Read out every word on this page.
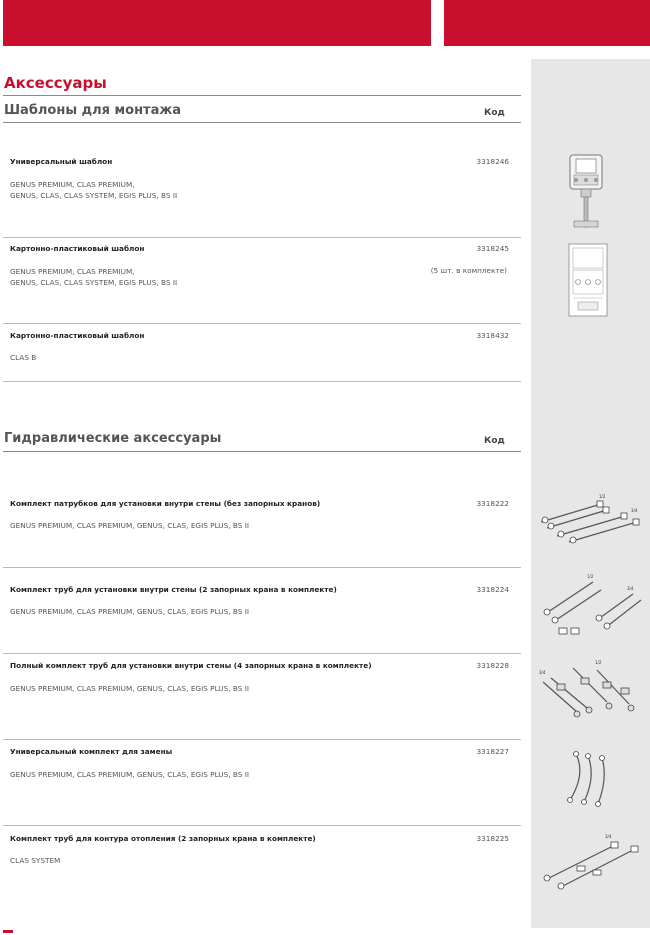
Аксессуары
Шаблоны для монтажа	Код
Универсальный шаблон	3318246
GENUS PREMIUM, CLAS PREMIUM,
GENUS, CLAS, CLAS SYSTEM, EGIS PLUS, BS II
Картонно-пластиковый шаблон	3318245
(5 шт. в комплекте)
GENUS PREMIUM, CLAS PREMIUM,
GENUS, CLAS, CLAS SYSTEM, EGIS PLUS, BS II
Картонно-пластиковый шаблон	3318432
CLAS B
Гидравлические аксессуары	Код
Комплект патрубков для установки внутри стены (без запорных кранов)	3318222
GENUS PREMIUM, CLAS PREMIUM, GENUS, CLAS, EGIS PLUS, BS II
Комплект труб для установки внутри стены (2 запорных крана в комплекте)	3318224
GENUS PREMIUM, CLAS PREMIUM, GENUS, CLAS, EGIS PLUS, BS II
Полный комплект труб для установки внутри стены (4 запорных крана в комплекте)	3318228
GENUS PREMIUM, CLAS PREMIUM, GENUS, CLAS, EGIS PLUS, BS II
Универсальный комплект для замены	3318227
GENUS PREMIUM, CLAS PREMIUM, GENUS, CLAS, EGIS PLUS, BS II
Комплект труб для контура отопления (2 запорных крана в комплекте)	3318225
CLAS SYSTEM
1/2
3/4
1/2
3/4
3/4
1/2
3/4
